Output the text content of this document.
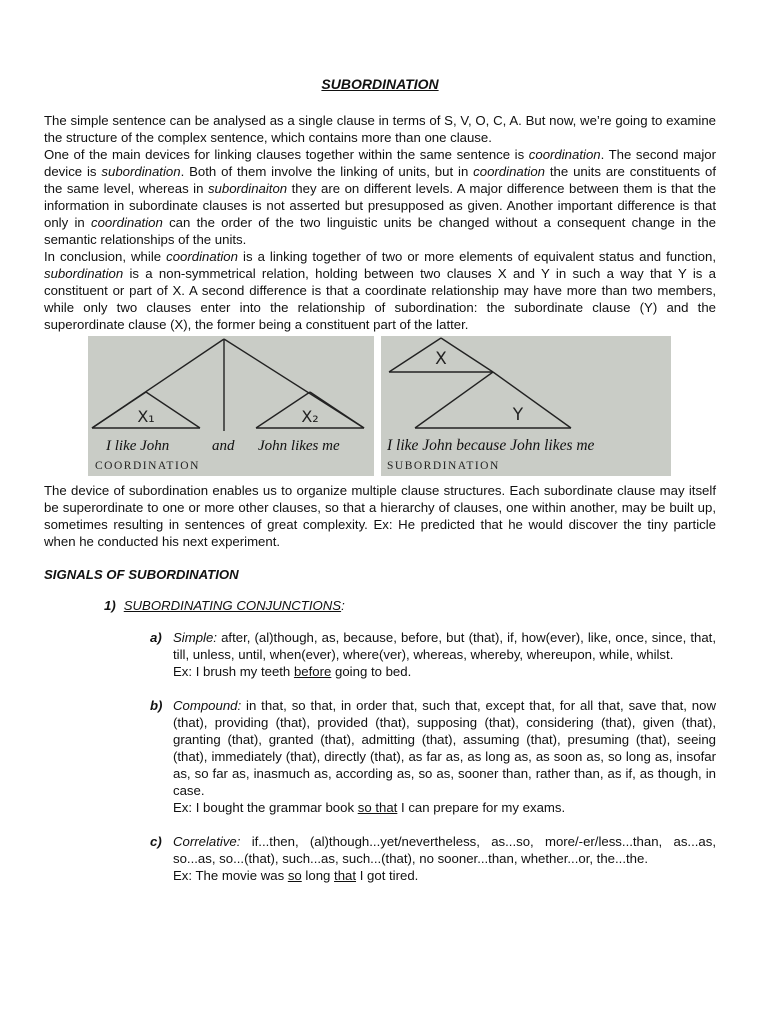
SUBORDINATION

The simple sentence can be analysed as a single clause in terms of S, V, O, C, A. But now, we’re going to examine the structure of the complex sentence, which contains more than one clause.

One of the main devices for linking clauses together within the same sentence is coordination. The second major device is subordination. Both of them involve the linking of units, but in coordination the units are constituents of the same level, whereas in subordinaiton they are on different levels. A major difference between them is that the information in subordinate clauses is not asserted but presupposed as given. Another important difference is that only in coordination can the order of the two linguistic units be changed without a consequent change in the semantic relationships of the units.

In conclusion, while coordination is a linking together of two or more elements of equivalent status and function, subordination is a non-symmetrical relation, holding between two clauses X and Y in such a way that Y is a constituent or part of X. A second difference is that a coordinate relationship may have more than two members, while only two clauses enter into the relationship of subordination: the subordinate clause (Y) and the superordinate clause (X), the former being a constituent part of the latter.

X₁	X₂
I like John	and John likes me
COORDINATION
X
Y
I like John because John likes me
SUBORDINATION

The device of subordination enables us to organize multiple clause structures. Each subordinate clause may itself be superordinate to one or more other clauses, so that a hierarchy of clauses, one within another, may be built up, sometimes resulting in sentences of great complexity. Ex: He predicted that he would discover the tiny particle when he conducted his next experiment.

SIGNALS OF SUBORDINATION
1) SUBORDINATING CONJUNCTIONS:
a) Simple: after, (al)though, as, because, before, but (that), if, how(ever), like, once, since, that, till, unless, until, when(ever), where(ver), whereas, whereby, whereupon, while, whilst.
Ex: I brush my teeth before going to bed.
b) Compound: in that, so that, in order that, such that, except that, for all that, save that, now (that), providing (that), provided (that), supposing (that), considering (that), given (that), granting (that), granted (that), admitting (that), assuming (that), presuming (that), seeing (that), immediately (that), directly (that), as far as, as long as, as soon as, so long as, insofar as, so far as, inasmuch as, according as, so as, sooner than, rather than, as if, as though, in case.
Ex: I bought the grammar book so that I can prepare for my exams.
c) Correlative: if...then, (al)though...yet/nevertheless, as...so, more/-er/less...than, as...as, so...as, so...(that), such...as, such...(that), no sooner...than, whether...or, the...the.
Ex: The movie was so long that I got tired.
